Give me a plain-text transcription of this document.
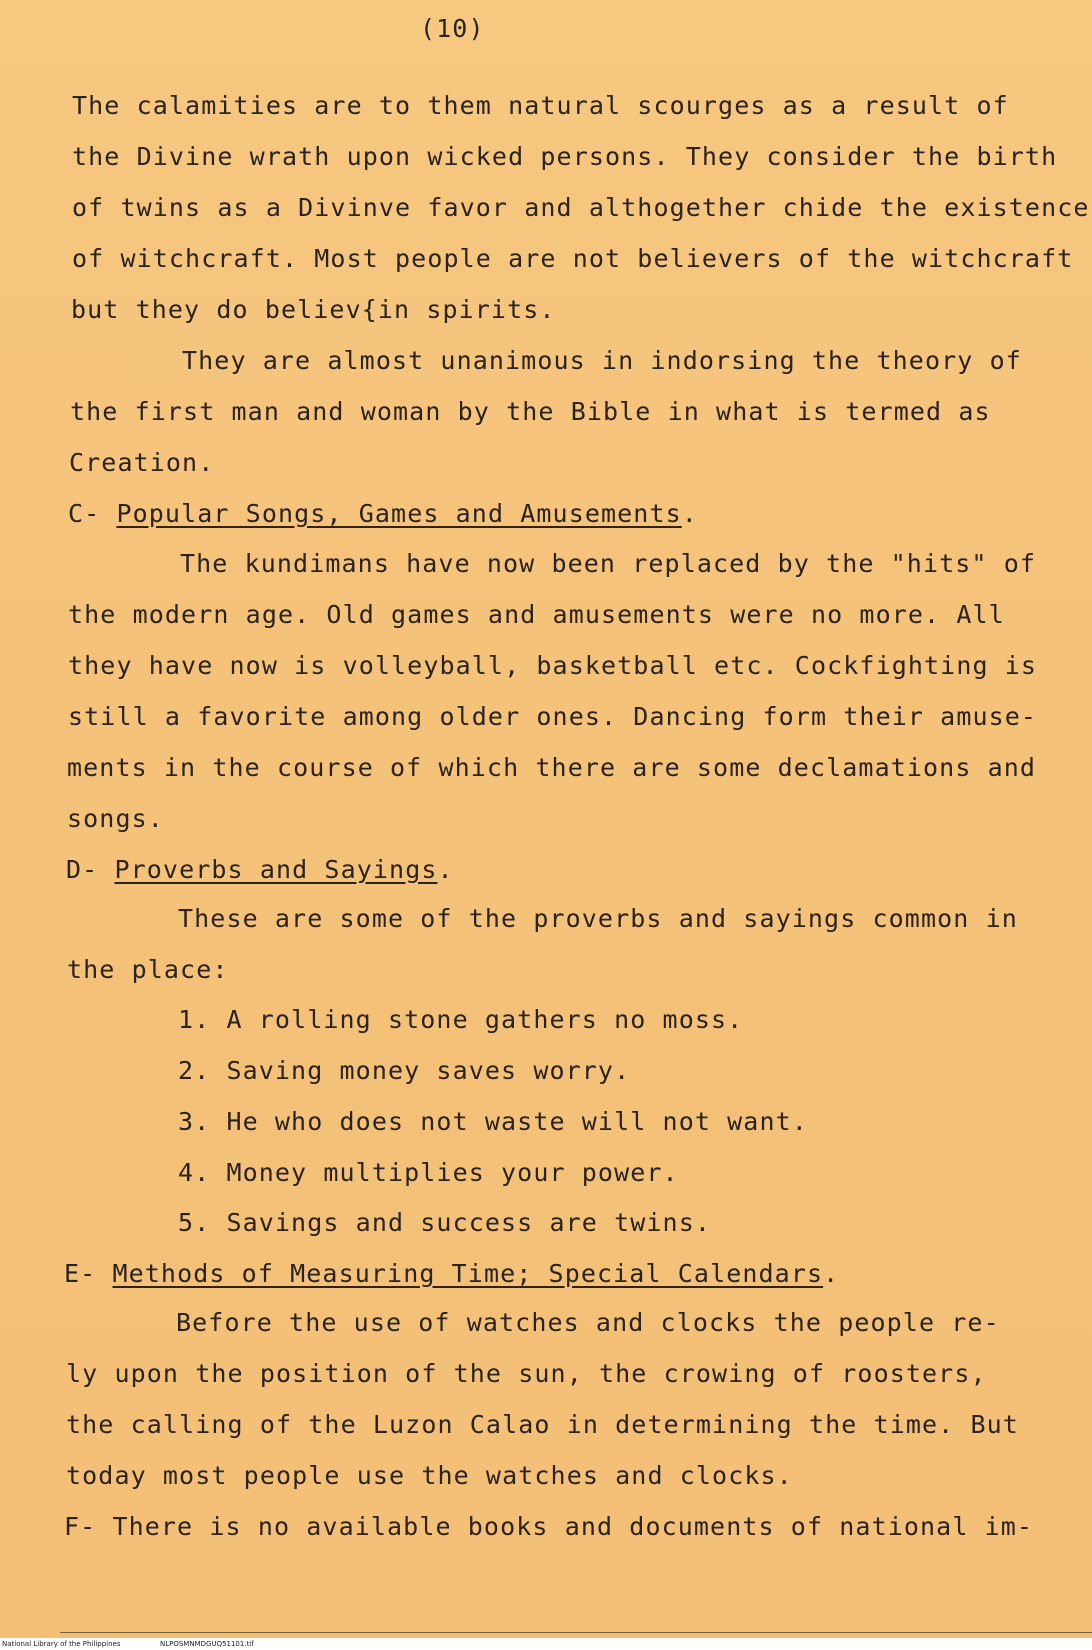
(10)
The calamities are to them natural scourges as a result of
the Divine wrath upon wicked persons. They consider the birth
of twins as a Divinve favor and althogether chide the existence
of witchcraft. Most people are not believers of the witchcraft
but they do believ{in spirits.
They are almost unanimous in indorsing the theory of
the first man and woman by the Bible in what is termed as
Creation.
C- Popular Songs, Games and Amusements.
The kundimans have now been replaced by the "hits" of
the modern age. Old games and amusements were no more. All
they have now is volleyball, basketball etc. Cockfighting is
still a favorite among older ones. Dancing form their amuse-
ments in the course of which there are some declamations and
songs.
D- Proverbs and Sayings.
These are some of the proverbs and sayings common in
the place:
1. A rolling stone gathers no moss.
2. Saving money saves worry.
3. He who does not waste will not want.
4. Money multiplies your power.
5. Savings and success are twins.
E- Methods of Measuring Time; Special Calendars.
Before the use of watches and clocks the people re-
ly upon the position of the sun, the crowing of roosters,
the calling of the Luzon Calao in determining the time. But
today most people use the watches and clocks.
F- There is no available books and documents of national im-
National Library of the Philippines	NLPOSMNMDGUQ51101.tif
